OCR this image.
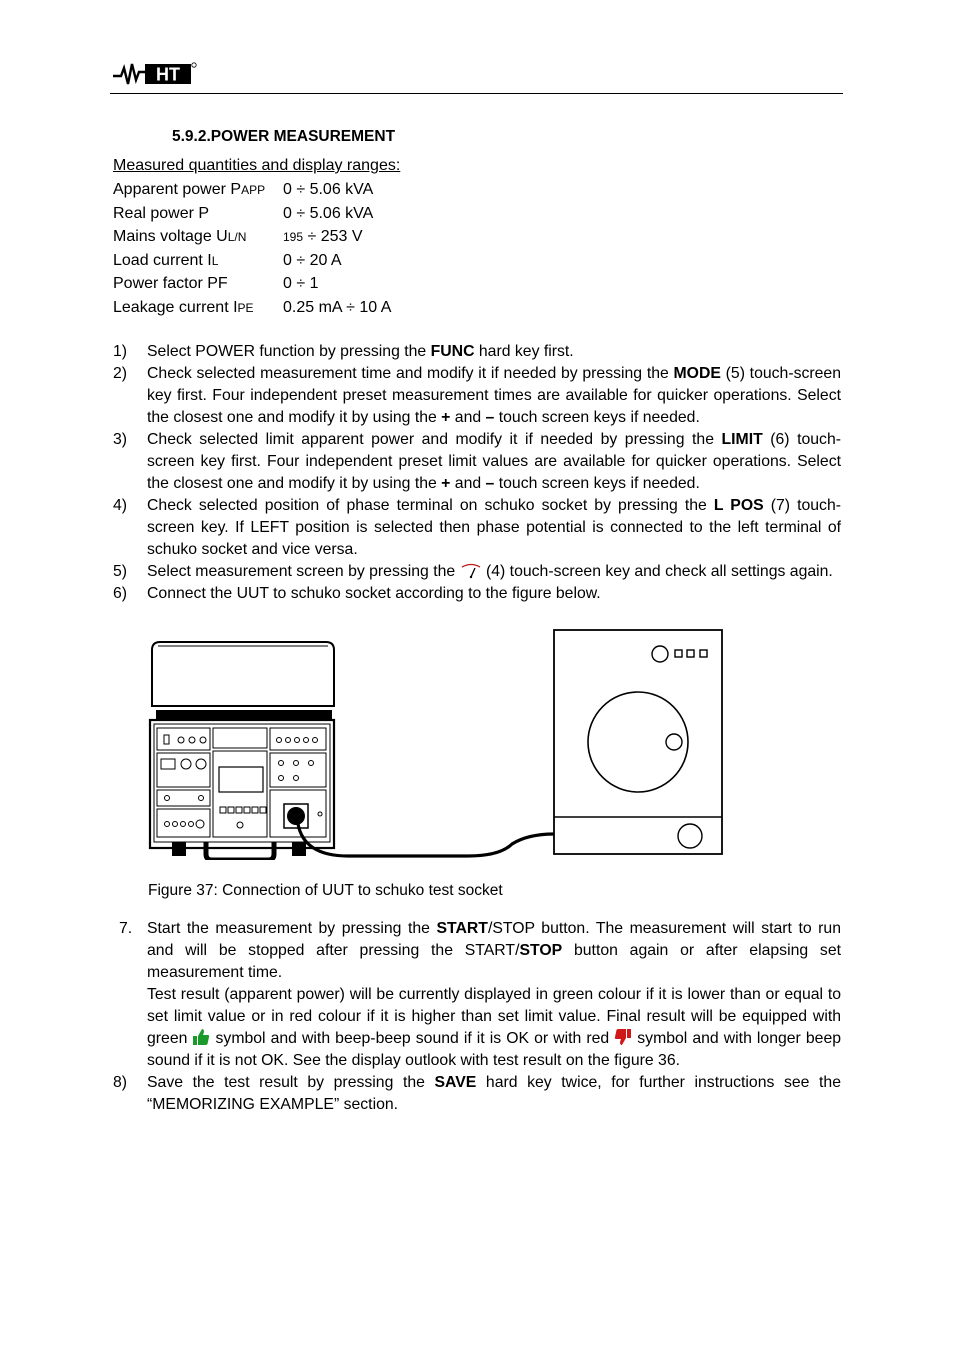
HT
5.9.2.POWER MEASUREMENT
Measured quantities and display ranges:
Apparent power PAPP 0 ÷ 5.06 kVA
Real power P	0 ÷ 5.06 kVA
Mains voltage UL/N	195 ÷ 253 V
Load current IL	0 ÷ 20 A
Power factor PF	0 ÷ 1
Leakage current IPE 0.25 mA ÷ 10 A
1)	Select POWER function by pressing the FUNC hard key first.
2)	Check selected measurement time and modify it if needed by pressing the MODE (5) touch-screen key first. Four independent preset measurement times are available for quicker operations. Select the closest one and modify it by using the + and – touch screen keys if needed.
3)	Check selected limit apparent power and modify it if needed by pressing the LIMIT (6) touch-screen key first. Four independent preset limit values are available for quicker operations. Select the closest one and modify it by using the + and – touch screen keys if needed.
4)	Check selected position of phase terminal on schuko socket by pressing the L POS (7) touch-screen key. If LEFT position is selected then phase potential is connected to the left terminal of schuko socket and vice versa.
5)	Select measurement screen by pressing the  (4) touch-screen key and check all settings again.
6)	Connect the UUT to schuko socket according to the figure below.
Figure 37: Connection of UUT to schuko test socket
7. Start the measurement by pressing the START/STOP button. The measurement will start to run and will be stopped after pressing the START/STOP button again or after elapsing set measurement time.

Test result (apparent power) will be currently displayed in green colour if it is lower than or equal to set limit value or in red colour if it is higher than set limit value. Final result will be equipped with green  symbol and with beep-beep sound if it is OK or with red  symbol and with longer beep sound if it is not OK. See the display outlook with test result on the figure 36.

8)	Save the test result by pressing the SAVE hard key twice, for further instructions see the “MEMORIZING EXAMPLE” section.
